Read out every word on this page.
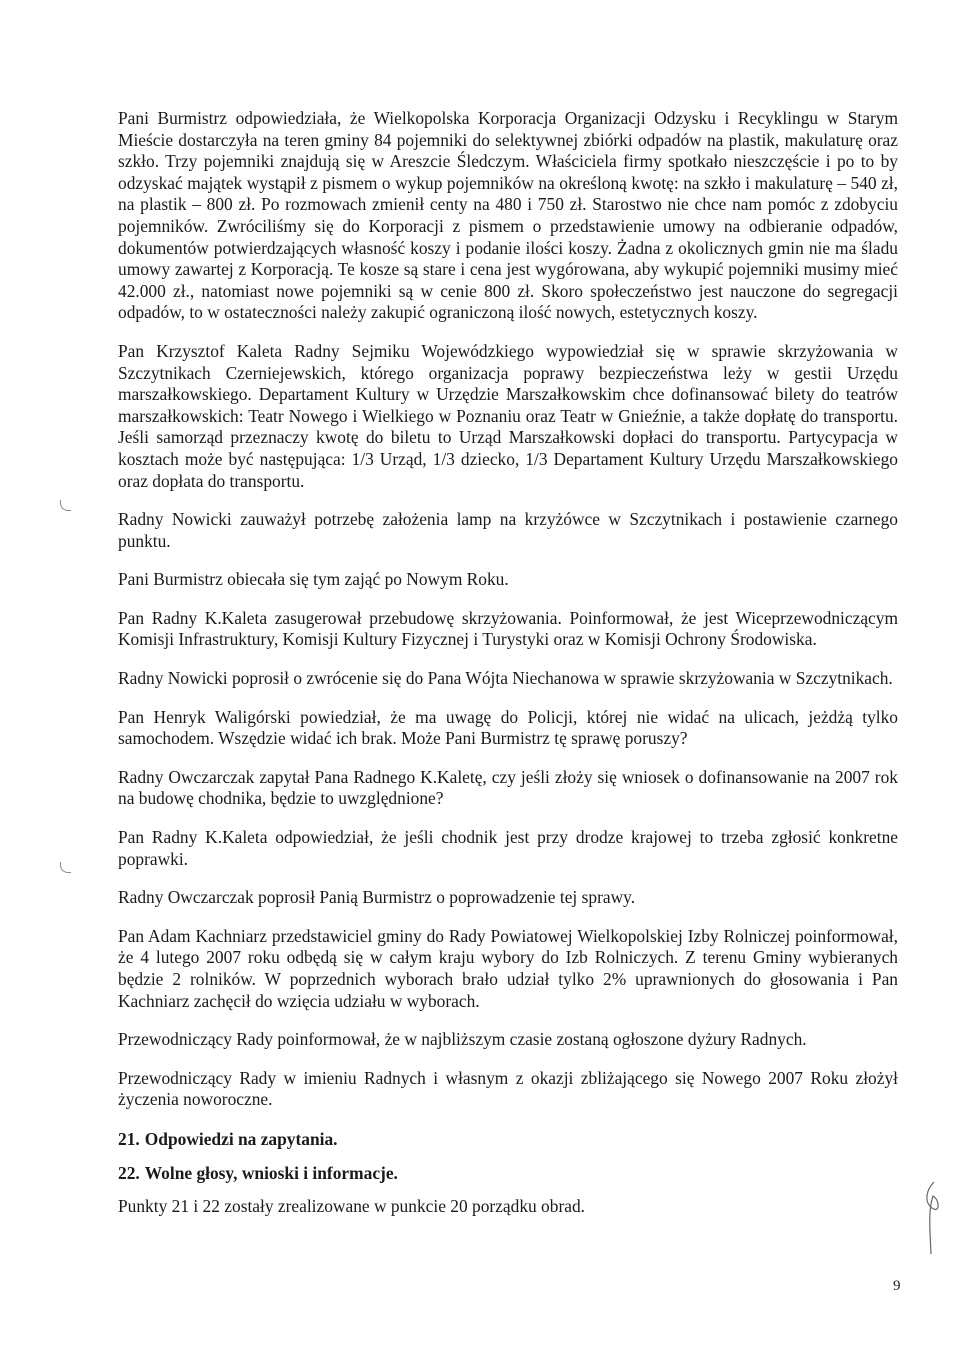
Pani Burmistrz odpowiedziała, że Wielkopolska Korporacja Organizacji Odzysku i Recyklingu w Starym Mieście dostarczyła na teren gminy 84 pojemniki do selektywnej zbiórki odpadów na plastik, makulaturę oraz szkło. Trzy pojemniki znajdują się w Areszcie Śledczym. Właściciela firmy spotkało nieszczęście i po to by odzyskać majątek wystąpił z pismem o wykup pojemników na określoną kwotę: na szkło i makulaturę – 540 zł, na plastik – 800 zł. Po rozmowach zmienił centy na 480 i 750 zł. Starostwo nie chce nam pomóc z zdobyciu pojemników. Zwróciliśmy się do Korporacji z pismem o przedstawienie umowy na odbieranie odpadów, dokumentów potwierdzających własność koszy i podanie ilości koszy. Żadna z okolicznych gmin nie ma śladu umowy zawartej z Korporacją. Te kosze są stare i cena jest wygórowana, aby wykupić pojemniki musimy mieć 42.000 zł., natomiast nowe pojemniki są w cenie 800 zł. Skoro społeczeństwo jest nauczone do segregacji odpadów, to w ostateczności należy zakupić ograniczoną ilość nowych, estetycznych koszy.

Pan Krzysztof Kaleta Radny Sejmiku Wojewódzkiego wypowiedział się w sprawie skrzyżowania w Szczytnikach Czerniejewskich, którego organizacja poprawy bezpieczeństwa leży w gestii Urzędu marszałkowskiego. Departament Kultury w Urzędzie Marszałkowskim chce dofinansować bilety do teatrów marszałkowskich: Teatr Nowego i Wielkiego w Poznaniu oraz Teatr w Gnieźnie, a także dopłatę do transportu. Jeśli samorząd przeznaczy kwotę do biletu to Urząd Marszałkowski dopłaci do transportu. Partycypacja w kosztach może być następująca: 1/3 Urząd, 1/3 dziecko, 1/3 Departament Kultury Urzędu Marszałkowskiego oraz dopłata do transportu.

Radny Nowicki zauważył potrzebę założenia lamp na krzyżówce w Szczytnikach i postawienie czarnego punktu.

Pani Burmistrz obiecała się tym zająć po Nowym Roku.

Pan Radny K.Kaleta zasugerował przebudowę skrzyżowania. Poinformował, że jest Wiceprzewodniczącym Komisji Infrastruktury, Komisji Kultury Fizycznej i Turystyki oraz w Komisji Ochrony Środowiska.

Radny Nowicki poprosił o zwrócenie się do Pana Wójta Niechanowa w sprawie skrzyżowania w Szczytnikach.

Pan Henryk Waligórski powiedział, że ma uwagę do Policji, której nie widać na ulicach, jeżdżą tylko samochodem. Wszędzie widać ich brak. Może Pani Burmistrz tę sprawę poruszy?

Radny Owczarczak zapytał Pana Radnego K.Kaletę, czy jeśli złoży się wniosek o dofinansowanie na 2007 rok na budowę chodnika, będzie to uwzględnione?

Pan Radny K.Kaleta odpowiedział, że jeśli chodnik jest przy drodze krajowej to trzeba zgłosić konkretne poprawki.

Radny Owczarczak poprosił Panią Burmistrz o poprowadzenie tej sprawy.

Pan Adam Kachniarz przedstawiciel gminy do Rady Powiatowej Wielkopolskiej Izby Rolniczej poinformował, że 4 lutego 2007 roku odbędą się w całym kraju wybory do Izb Rolniczych. Z terenu Gminy wybieranych będzie 2 rolników. W poprzednich wyborach brało udział tylko 2% uprawnionych do głosowania i Pan Kachniarz zachęcił do wzięcia udziału w wyborach.

Przewodniczący Rady poinformował, że w najbliższym czasie zostaną ogłoszone dyżury Radnych.

Przewodniczący Rady w imieniu Radnych i własnym z okazji zbliżającego się Nowego 2007 Roku złożył życzenia noworoczne.

21. Odpowiedzi na zapytania.
22. Wolne głosy, wnioski i informacje.

Punkty 21 i 22 zostały zrealizowane w punkcie 20 porządku obrad.

9
